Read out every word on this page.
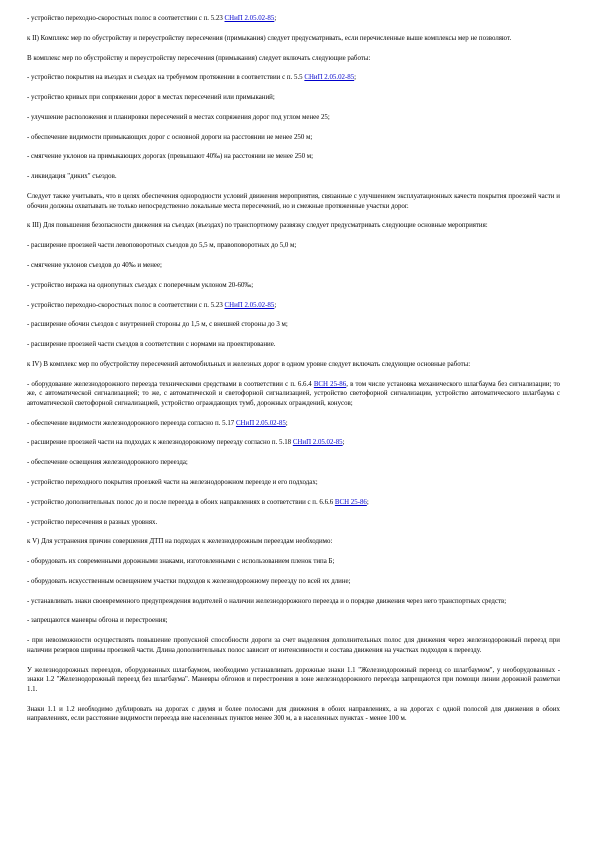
- устройство переходно-скоростных полос в соответствии с п. 5.23 СНиП 2.05.02-85;

к II) Комплекс мер по обустройству и переустройству пересечения (примыкания) следует предусматривать, если перечисленные выше комплексы мер не позволяют.

В комплекс мер по обустройству и переустройству пересечения (примыкания) следует включать следующие работы:

- устройство покрытия на въездах и съездах на требуемом протяжении в соответствии с п. 5.5 СНиП 2.05.02-85;

- устройство кривых при сопряжении дорог в местах пересечений или примыканий;

- улучшение расположения и планировки пересечений в местах сопряжения дорог под углом менее 25;

- обеспечение видимости примыкающих дорог с основной дороги на расстоянии не менее 250 м;

- смягчение уклонов на примыкающих дорогах (превышают 40‰) на расстоянии не менее 250 м;

- ликвидация "диких" съездов.

Следует также учитывать, что в целях обеспечения однородности условий движения мероприятия, связанные с улучшением эксплуатационных качеств покрытия проезжей части и обочин должны охватывать не только непосредственно локальные места пересечений, но и смежные протяженные участки дорог.

к III) Для повышения безопасности движения на съездах (въездах) по транспортному развязку следует предусматривать следующие основные мероприятия:

- расширение проезжей части левоповоротных съездов до 5,5 м, правоповоротных до 5,0 м;

- смягчение уклонов съездов до 40‰ и менее;

- устройство виража на однопутных съездах с поперечным уклоном 20-60‰;

- устройство переходно-скоростных полос в соответствии с п. 5.23 СНиП 2.05.02-85;

- расширение обочин съездов с внутренней стороны до 1,5 м, с внешней стороны до 3 м;

- расширение проезжей части съездов в соответствии с нормами на проектирование.

к IV) В комплекс мер по обустройству пересечений автомобильных и железных дорог в одном уровне следует включать следующие основные работы:

- оборудование железнодорожного переезда техническими средствами в соответствии с п. 6.6.4 ВСН 25-86, в том числе установка механического шлагбаума без сигнализации; то же, с автоматической сигнализацией; то же, с автоматической и светофорной сигнализацией, устройство светофорной сигнализации, устройство автоматического шлагбаума с автоматической светофорной сигнализацией, устройство ограждающих тумб, дорожных ограждений, конусов;

- обеспечение видимости железнодорожного переезда согласно п. 5.17 СНиП 2.05.02-85;

- расширение проезжей части на подходах к железнодорожному переезду согласно п. 5.18 СНиП 2.05.02-85;

- обеспечение освещения железнодорожного переезда;

- устройство переходного покрытия проезжей части на железнодорожном переезде и его подходах;

- устройство дополнительных полос до и после переезда в обоих направлениях в соответствии с п. 6.6.6 ВСН 25-86;

- устройство пересечения в разных уровнях.

к V) Для устранения причин совершения ДТП на подходах к железнодорожным переездам необходимо:

- оборудовать их современными дорожными знаками, изготовленными с использованием пленок типа Б;

- оборудовать искусственным освещением участки подходов к железнодорожному переезду по всей их длине;

- устанавливать знаки своевременного предупреждения водителей о наличии железнодорожного переезда и о порядке движения через него транспортных средств;

- запрещаются маневры обгона и перестроения;

- при невозможности осуществлять повышение пропускной способности дороги за счет выделения дополнительных полос для движения через железнодорожный переезд при наличии резервов ширины проезжей части. Длина дополнительных полос зависит от интенсивности и состава движения на участках подходов к переезду.

У железнодорожных переездов, оборудованных шлагбаумом, необходимо устанавливать дорожные знаки 1.1 "Железнодорожный переезд со шлагбаумом", у необорудованных - знаки 1.2 "Железнодорожный переезд без шлагбаума". Маневры обгонов и перестроения в зоне железнодорожного переезда запрещаются при помощи линии дорожной разметки 1.1.

Знаки 1.1 и 1.2 необходимо дублировать на дорогах с двумя и более полосами для движения в обоих направлениях, а на дорогах с одной полосой для движения в обоих направлениях, если расстояние видимости переезда вне населенных пунктов менее 300 м, а в населенных пунктах - менее 100 м.
